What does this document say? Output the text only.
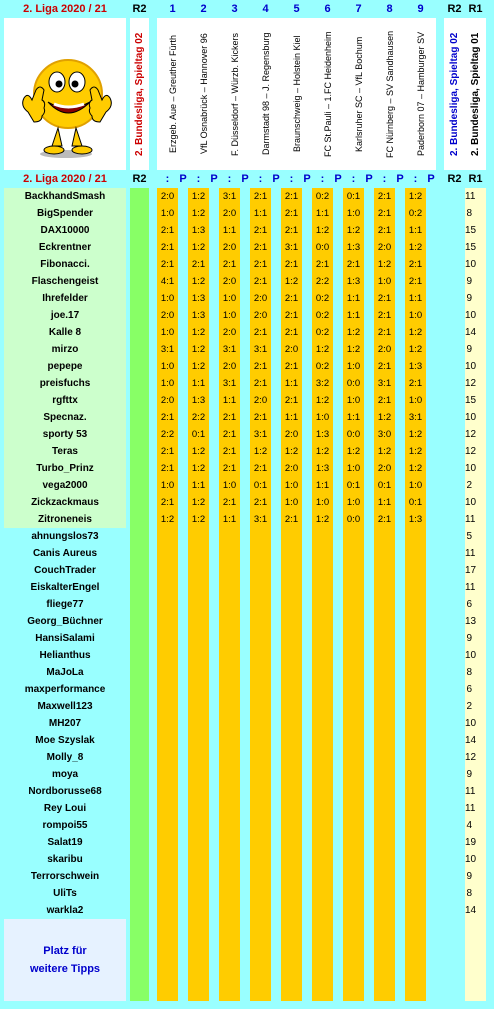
	2. Liga 2020 / 21		R2		1		2		3		4		5		6		7		8		9			R2	R1		

			2. Bundesliga, Spieltag 02		Erzgeb. Aue – Greuther Fürth		VfL Osnabrück – Hannover 96		F. Düsseldorf – Würzb. Kickers		Darmstadt 98 – J. Regensburg		Braunschweig – Holstein Kiel		FC St.Pauli – 1.FC Heidenheim		Karlsruher SC – VfL Bochum		FC Nürnberg – SV Sandhausen		Paderborn 07 – Hamburger SV			2. Bundesliga, Spieltag 02	2. Bundesliga, Spieltag 01		

	2. Liga 2020 / 21		R2		:	P	:	P	:	P	:	P	:	P	:	P	:	P	:	P	:	P		R2	R1		
	BackhandSmash				2:0		1:2		3:1		2:1		2:1		0:2		0:1		2:1		1:2				11		
	BigSpender				1:0		1:2		2:0		1:1		2:1		1:1		1:0		2:1		0:2				8		
	DAX10000				2:1		1:3		1:1		2:1		2:1		1:2		1:2		2:1		1:1				15		
	Eckrentner				2:1		1:2		2:0		2:1		3:1		0:0		1:3		2:0		1:2				15		
	Fibonacci.				2:1		2:1		2:1		2:1		2:1		2:1		2:1		1:2		2:1				10		
	Flaschengeist				4:1		1:2		2:0		2:1		1:2		2:2		1:3		1:0		2:1				9		
	Ihrefelder				1:0		1:3		1:0		2:0		2:1		0:2		1:1		2:1		1:1				9		
	joe.17				2:0		1:3		1:0		2:0		2:1		0:2		1:1		2:1		1:0				10		
	Kalle 8				1:0		1:2		2:0		2:1		2:1		0:2		1:2		2:1		1:2				14		
	mirzo				3:1		1:2		3:1		3:1		2:0		1:2		1:2		2:0		1:2				9		
	pepepe				1:0		1:2		2:0		2:1		2:1		0:2		1:0		2:1		1:3				10		
	preisfuchs				1:0		1:1		3:1		2:1		1:1		3:2		0:0		3:1		2:1				12		
	rgfttx				2:0		1:3		1:1		2:0		2:1		1:2		1:0		2:1		1:0				15		
	Specnaz.				2:1		2:2		2:1		2:1		1:1		1:0		1:1		1:2		3:1				10		
	sporty 53				2:2		0:1		2:1		3:1		2:0		1:3		0:0		3:0		1:2				12		
	Teras				2:1		1:2		2:1		1:2		1:2		1:2		1:2		1:2		1:2				12		
	Turbo_Prinz				2:1		1:2		2:1		2:1		2:0		1:3		1:0		2:0		1:2				10		
	vega2000				1:0		1:1		1:0		0:1		1:0		1:1		0:1		0:1		1:0				2		
	Zickzackmaus				2:1		1:2		2:1		2:1		1:0		1:0		1:0		1:1		0:1				10		
	Zitroneneis				1:2		1:2		1:1		3:1		2:1		1:2		0:0		2:1		1:3				11		
	ahnungslos73																								5		
	Canis Aureus																								11		
	CouchTrader																								17		
	EiskalterEngel																								11		
	fliege77																								6		
	Georg_Büchner																								13		
	HansiSalami																								9		
	Helianthus																								10		
	MaJoLa																								8		
	maxperformance																								6		
	Maxwell123																								2		
	MH207																								10		
	Moe Szyslak																								14		
	Molly_8																								12		
	moya																								9		
	Nordborusse68																								11		
	Rey Loui																								11		
	rompoi55																								4		
	Salat19																								19		
	skaribu																								10		
	Terrorschwein																								9		
	UliTs																								8		
	warkla2																								14		

	Platz für
weitere Tipps																										
